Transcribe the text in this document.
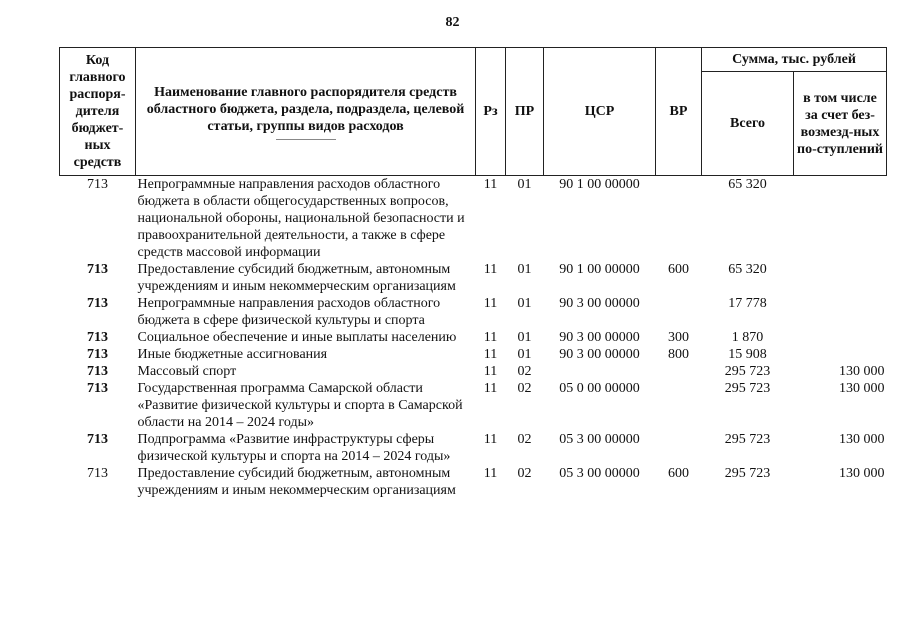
82
Код главного распоря-дителя бюджет-ных средств	Наименование главного распорядителя средств областного бюджета, раздела, подраздела, целевой статьи, группы видов расходов	Рз	ПР	ЦСР	ВР	Сумма, тыс. рублей	
						Всего	в том числе за счет без-возмезд-ных по-ступлений
713	Непрограммные направления расходов областного бюджета в области общегосударственных вопросов, национальной обороны, национальной безопасности и правоохранительной деятельности, а также в сфере средств массовой информации	11	01	90 1 00 00000		65 320	
713	Предоставление субсидий бюджетным, автономным учреждениям и иным некоммерческим организациям	11	01	90 1 00 00000	600	65 320	
713	Непрограммные направления расходов областного бюджета в сфере физической культуры и спорта	11	01	90 3 00 00000		17 778	
713	Социальное обеспечение и иные выплаты населению	11	01	90 3 00 00000	300	1 870	
713	Иные бюджетные ассигнования	11	01	90 3 00 00000	800	15 908	
713	Массовый спорт	11	02			295 723	130 000
713	Государственная программа Самарской области «Развитие физической культуры и спорта в Самарской области на 2014 – 2024 годы»	11	02	05 0 00 00000		295 723	130 000
713	Подпрограмма «Развитие инфраструктуры сферы физической культуры и спорта на 2014 – 2024 годы»	11	02	05 3 00 00000		295 723	130 000
713	Предоставление субсидий бюджетным, автономным учреждениям и иным некоммерческим организациям	11	02	05 3 00 00000	600	295 723	130 000
